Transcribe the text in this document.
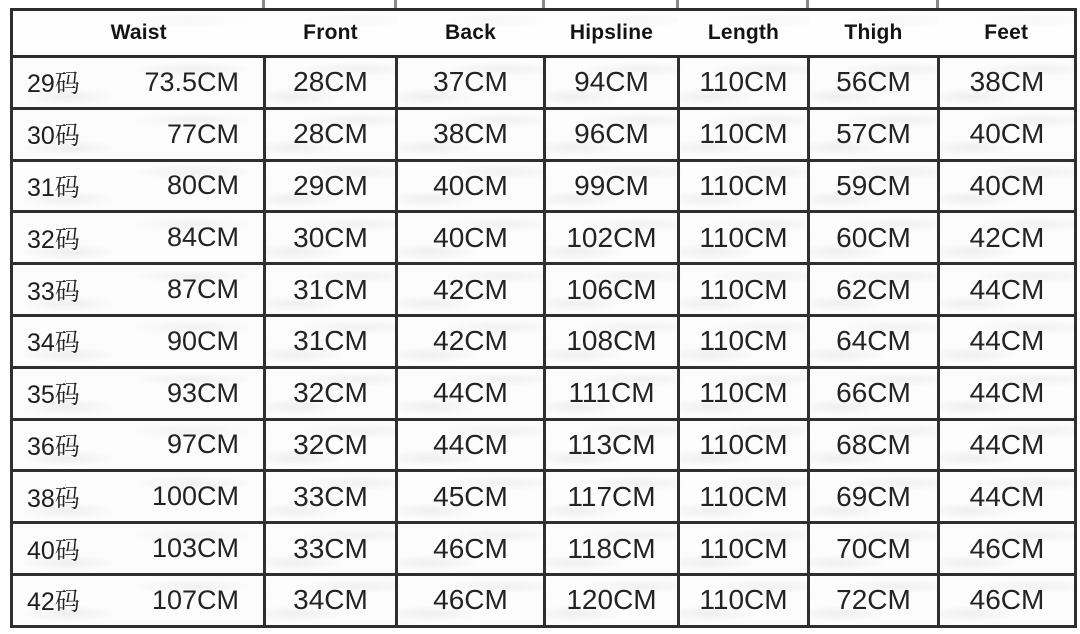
Waist	Front	Back	Hipsline	Length	Thigh	Feet

29码 73.5CM	28CM	37CM	94CM	110CM	56CM	38CM

30码 77CM	28CM	38CM	96CM	110CM	57CM	40CM

31码 80CM	29CM	40CM	99CM	110CM	59CM	40CM

32码 84CM	30CM	40CM	102CM	110CM	60CM	42CM

33码 87CM	31CM	42CM	106CM	110CM	62CM	44CM

34码 90CM	31CM	42CM	108CM	110CM	64CM	44CM

35码 93CM	32CM	44CM	111CM	110CM	66CM	44CM

36码 97CM	32CM	44CM	113CM	110CM	68CM	44CM

38码 100CM	33CM	45CM	117CM	110CM	69CM	44CM

40码 103CM	33CM	46CM	118CM	110CM	70CM	46CM

42码 107CM	34CM	46CM	120CM	110CM	72CM	46CM
